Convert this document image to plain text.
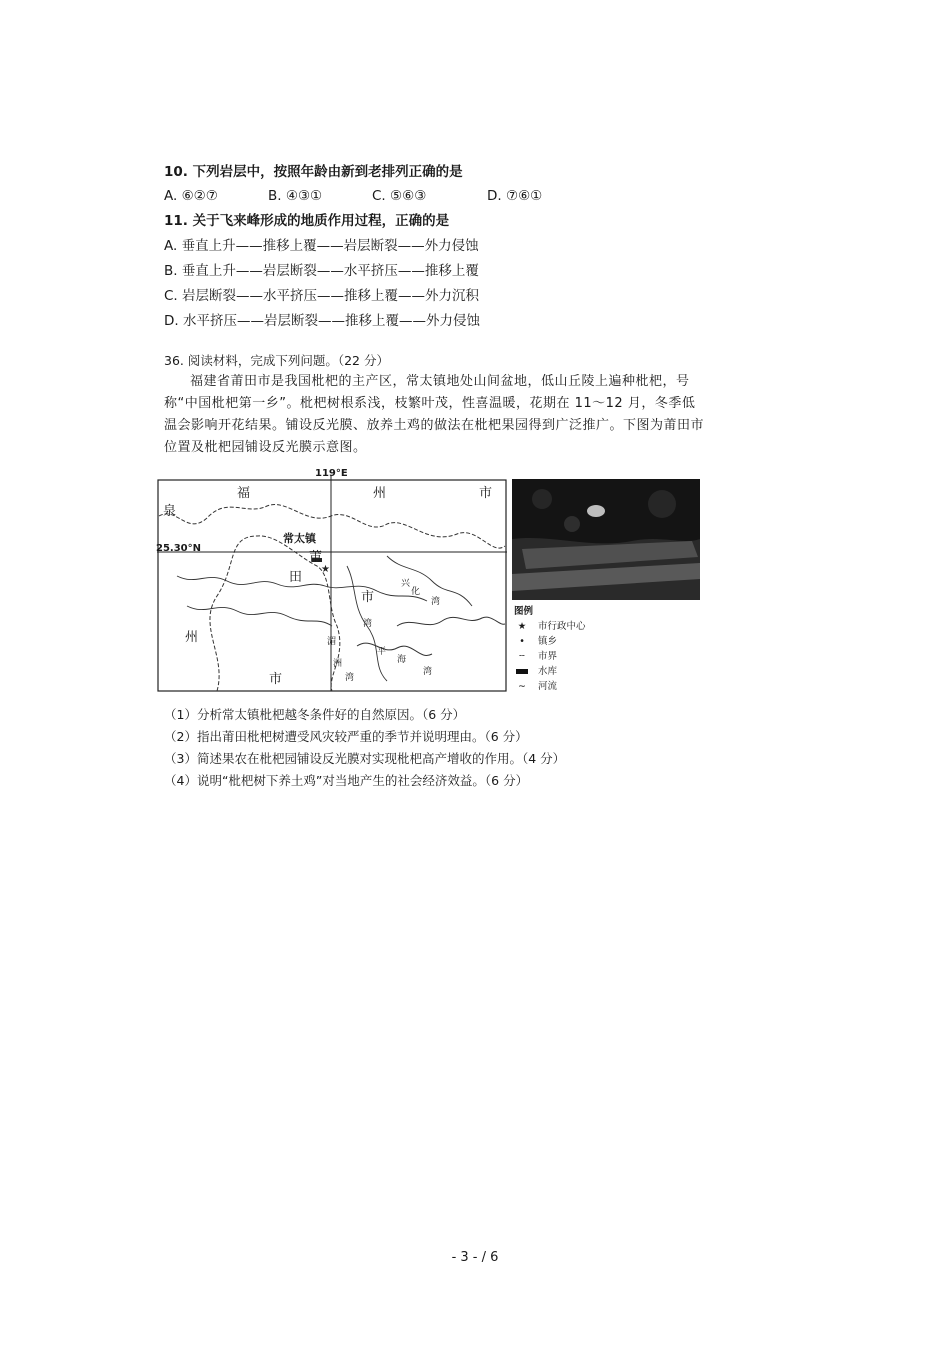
10. 下列岩层中，按照年龄由新到老排列正确的是
A. ⑥②⑦	B. ④③①	C. ⑤⑥③	D. ⑦⑥①
11. 关于飞来峰形成的地质作用过程，正确的是
A. 垂直上升——推移上覆——岩层断裂——外力侵蚀
B. 垂直上升——岩层断裂——水平挤压——推移上覆
C. 岩层断裂——水平挤压——推移上覆——外力沉积
D. 水平挤压——岩层断裂——推移上覆——外力侵蚀
36. 阅读材料，完成下列问题。（22 分）
福建省莆田市是我国枇杷的主产区，常太镇地处山间盆地，低山丘陵上遍种枇杷，号称“中国枇杷第一乡”。枇杷树根系浅，枝繁叶茂，性喜温暖，花期在 11～12 月，冬季低温会影响开花结果。铺设反光膜、放养土鸡的做法在枇杷果园得到广泛推广。下图为莆田市位置及枇杷园铺设反光膜示意图。
★
119°E
25.30°N
福	州	市
泉
州
市
常太镇
莆
田
市
兴
化
湾
平
海
湾
湄
洲
湾
湾
图例
★	市行政中心
•	镇乡
╌	市界
水库
∼	河流
（1）分析常太镇枇杷越冬条件好的自然原因。（6 分）
（2）指出莆田枇杷树遭受风灾较严重的季节并说明理由。（6 分）
（3）简述果农在枇杷园铺设反光膜对实现枇杷高产增收的作用。（4 分）
（4）说明“枇杷树下养土鸡”对当地产生的社会经济效益。（6 分）
- 3 - / 6
